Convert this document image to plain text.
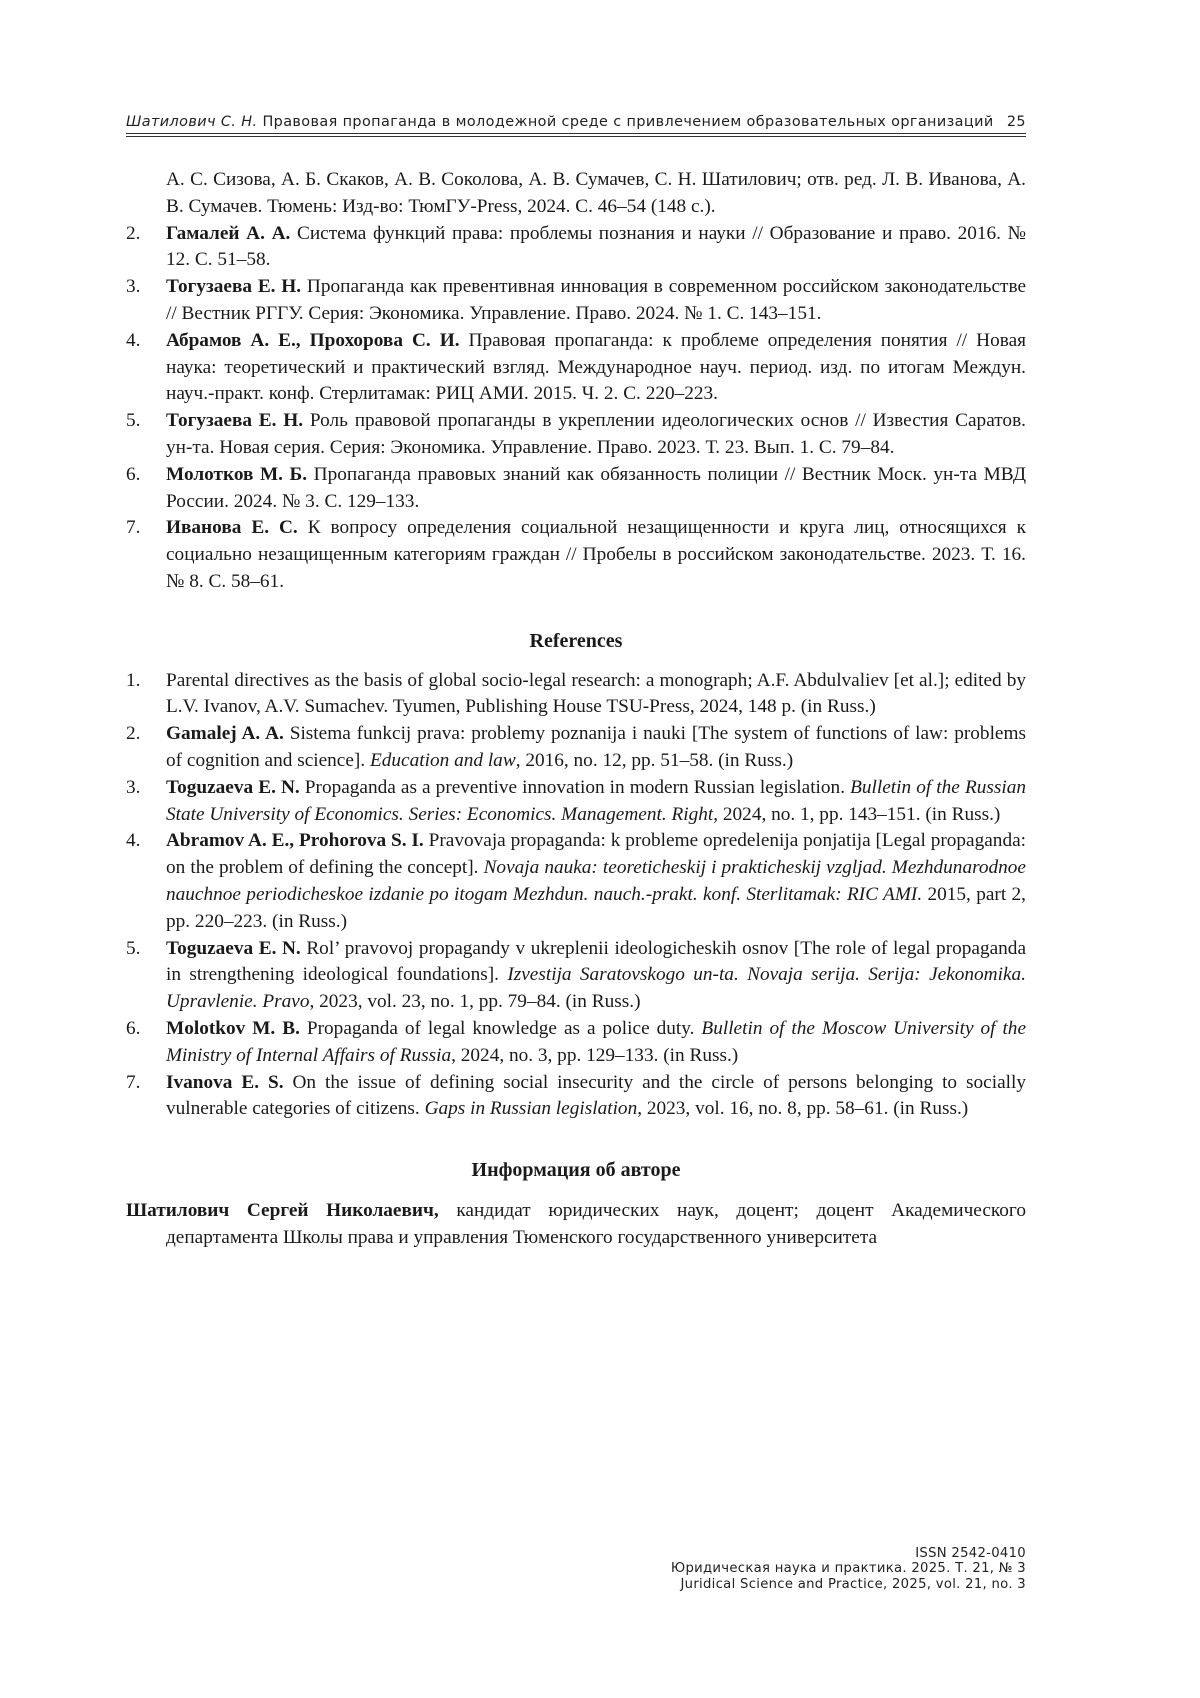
Шатилович С. Н. Правовая пропаганда в молодежной среде с привлечением образовательных организаций 25
А. С. Сизова, А. Б. Скаков, А. В. Соколова, А. В. Сумачев, С. Н. Шатилович; отв. ред. Л. В. Иванова, А. В. Сумачев. Тюмень: Изд-во: ТюмГУ-Press, 2024. С. 46–54 (148 с.).
2. Гамалей А. А. Система функций права: проблемы познания и науки // Образование и право. 2016. № 12. С. 51–58.
3. Тогузаева Е. Н. Пропаганда как превентивная инновация в современном российском законодательстве // Вестник РГГУ. Серия: Экономика. Управление. Право. 2024. № 1. С. 143–151.
4. Абрамов А. Е., Прохорова С. И. Правовая пропаганда: к проблеме определения понятия // Новая наука: теоретический и практический взгляд. Международное науч. период. изд. по итогам Междун. науч.-практ. конф. Стерлитамак: РИЦ АМИ. 2015. Ч. 2. С. 220–223.
5. Тогузаева Е. Н. Роль правовой пропаганды в укреплении идеологических основ // Известия Саратов. ун-та. Новая серия. Серия: Экономика. Управление. Право. 2023. Т. 23. Вып. 1. С. 79–84.
6. Молотков М. Б. Пропаганда правовых знаний как обязанность полиции // Вестник Моск. ун-та МВД России. 2024. № 3. С. 129–133.
7. Иванова Е. С. К вопросу определения социальной незащищенности и круга лиц, относящихся к социально незащищенным категориям граждан // Пробелы в российском законодательстве. 2023. Т. 16. № 8. С. 58–61.
References
1. Parental directives as the basis of global socio-legal research: a monograph; A.F. Abdulvaliev [et al.]; edited by L.V. Ivanov, A.V. Sumachev. Tyumen, Publishing House TSU-Press, 2024, 148 p. (in Russ.)
2. Gamalej A. A. Sistema funkcij prava: problemy poznanija i nauki [The system of functions of law: problems of cognition and science]. Education and law, 2016, no. 12, pp. 51–58. (in Russ.)
3. Toguzaeva E. N. Propaganda as a preventive innovation in modern Russian legislation. Bulletin of the Russian State University of Economics. Series: Economics. Management. Right, 2024, no. 1, pp. 143–151. (in Russ.)
4. Abramov A. E., Prohorova S. I. Pravovaja propaganda: k probleme opredelenija ponjatija [Legal propaganda: on the problem of defining the concept]. Novaja nauka: teoreticheskij i prakticheskij vzgljad. Mezhdunarodnoe nauchnoe periodicheskoe izdanie po itogam Mezhdun. nauch.-prakt. konf. Sterlitamak: RIC AMI. 2015, part 2, pp. 220–223. (in Russ.)
5. Toguzaeva E. N. Rol’ pravovoj propagandy v ukreplenii ideologicheskih osnov [The role of legal propaganda in strengthening ideological foundations]. Izvestija Saratovskogo un-ta. Novaja serija. Serija: Jekonomika. Upravlenie. Pravo, 2023, vol. 23, no. 1, pp. 79–84. (in Russ.)
6. Molotkov M. B. Propaganda of legal knowledge as a police duty. Bulletin of the Moscow University of the Ministry of Internal Affairs of Russia, 2024, no. 3, pp. 129–133. (in Russ.)
7. Ivanova E. S. On the issue of defining social insecurity and the circle of persons belonging to socially vulnerable categories of citizens. Gaps in Russian legislation, 2023, vol. 16, no. 8, pp. 58–61. (in Russ.)
Информация об авторе
Шатилович Сергей Николаевич, кандидат юридических наук, доцент; доцент Академического департамента Школы права и управления Тюменского государственного университета
ISSN 2542-0410
Юридическая наука и практика. 2025. Т. 21, № 3
Juridical Science and Practice, 2025, vol. 21, no. 3
